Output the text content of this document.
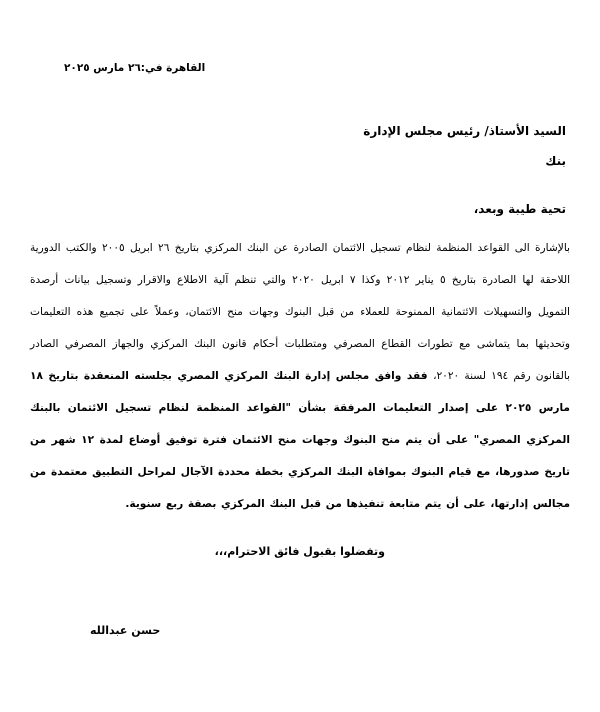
القاهرة في:٢٦ مارس ٢٠٢٥
السيد الأستاذ/ رئيس مجلس الإدارة
بنك
تحية طيبة وبعد،
بالإشارة الى القواعد المنظمة لنظام تسجيل الائتمان الصادرة عن البنك المركزي بتاريخ ٢٦ ابريل ٢٠٠٥ والكتب الدورية اللاحقة لها الصادرة بتاريخ ٥ يناير ٢٠١٢ وكذا ٧ ابريل ٢٠٢٠ والتي تنظم آلية الاطلاع والاقرار وتسجيل بيانات أرصدة التمويل والتسهيلات الائتمانية الممنوحة للعملاء من قبل البنوك وجهات منح الائتمان، وعملاً على تجميع هذه التعليمات وتحديثها بما يتماشى مع تطورات القطاع المصرفي ومتطلبات أحكام قانون البنك المركزي والجهاز المصرفي الصادر بالقانون رقم ١٩٤ لسنة ٢٠٢٠، فقد وافق مجلس إدارة البنك المركزي المصري بجلسته المنعقدة بتاريخ ١٨ مارس ٢٠٢٥ على إصدار التعليمات المرفقة بشأن "القواعد المنظمة لنظام تسجيل الائتمان بالبنك المركزي المصري" على أن يتم منح البنوك وجهات منح الائتمان فترة توفيق أوضاع لمدة ١٢ شهر من تاريخ صدورها، مع قيام البنوك بموافاة البنك المركزي بخطة محددة الآجال لمراحل التطبيق معتمدة من مجالس إدارتها، على أن يتم متابعة تنفيذها من قبل البنك المركزي بصفة ربع سنوية.
وتفضلوا بقبول فائق الاحترام،،،
حسن عبدالله
